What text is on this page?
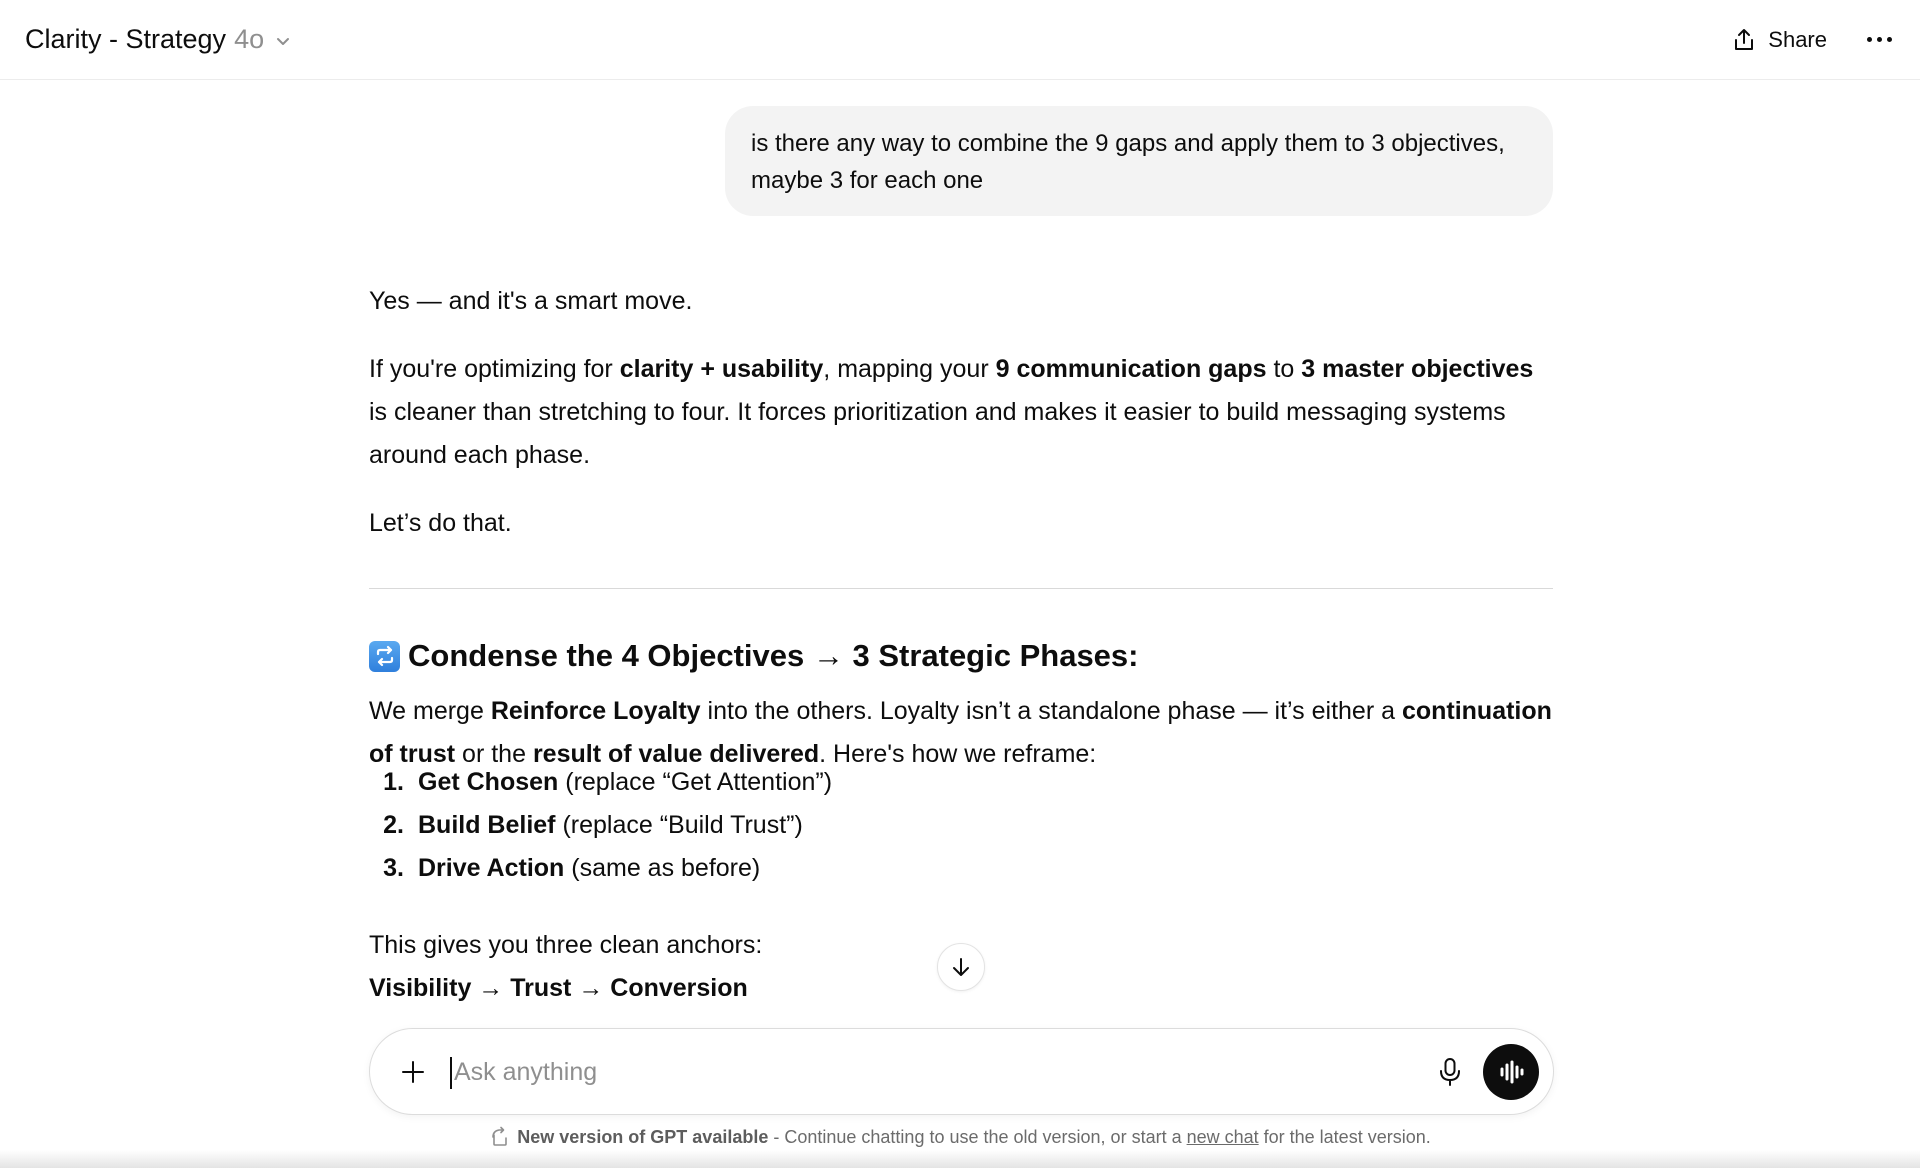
Clarity - Strategy 4o	Share
is there any way to combine the 9 gaps and apply them to 3 objectives, maybe 3 for each one

Yes — and it's a smart move.

If you're optimizing for clarity + usability, mapping your 9 communication gaps to 3 master objectives is cleaner than stretching to four. It forces prioritization and makes it easier to build messaging systems around each phase.

Let’s do that.

Condense the 4 Objectives → 3 Strategic Phases:

We merge Reinforce Loyalty into the others. Loyalty isn’t a standalone phase — it’s either a continuation of trust or the result of value delivered. Here's how we reframe:

1. Get Chosen (replace “Get Attention”)
2. Build Belief (replace “Build Trust”)
3. Drive Action (same as before)

This gives you three clean anchors:

Visibility → Trust → Conversion

Ask anything
New version of GPT available - Continue chatting to use the old version, or start a new chat for the latest version.
